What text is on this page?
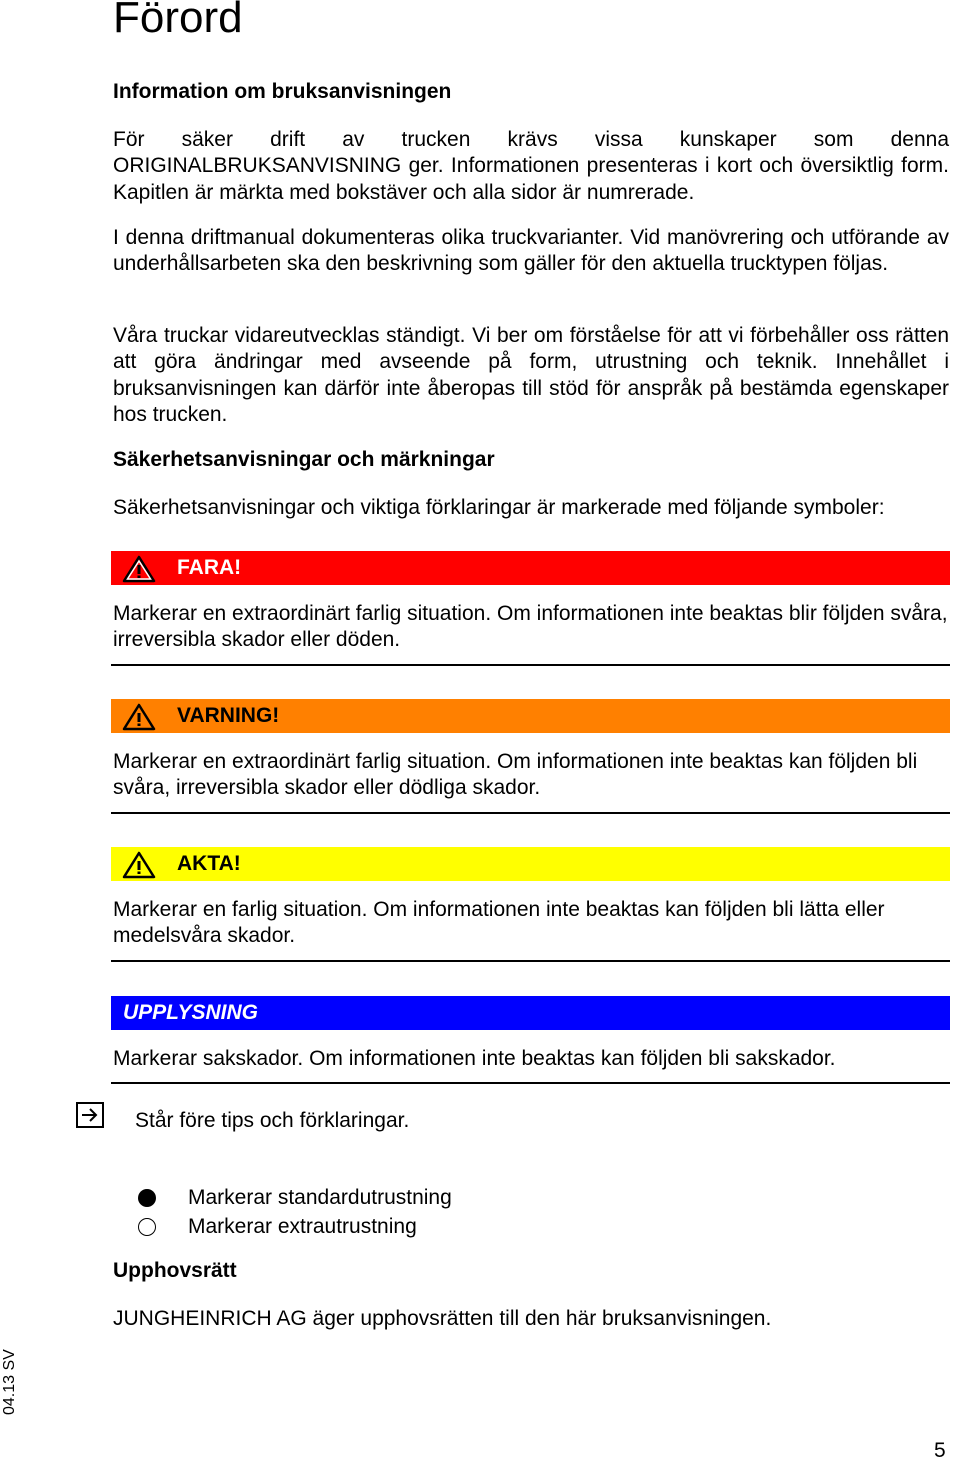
Förord
Information om bruksanvisningen

För säker drift av trucken krävs vissa kunskaper som denna ORIGINALBRUKSANVISNING ger. Informationen presenteras i kort och översiktlig form. Kapitlen är märkta med bokstäver och alla sidor är numrerade.

I denna driftmanual dokumenteras olika truckvarianter. Vid manövrering och utförande av underhållsarbeten ska den beskrivning som gäller för den aktuella trucktypen följas.

Våra truckar vidareutvecklas ständigt. Vi ber om förståelse för att vi förbehåller oss rätten att göra ändringar med avseende på form, utrustning och teknik. Innehållet i bruksanvisningen kan därför inte åberopas till stöd för anspråk på bestämda egenskaper hos trucken.

Säkerhetsanvisningar och märkningar

Säkerhetsanvisningar och viktiga förklaringar är markerade med följande symboler:

FARA!

Markerar en extraordinärt farlig situation. Om informationen inte beaktas blir följden svåra, irreversibla skador eller döden.

VARNING!

Markerar en extraordinärt farlig situation. Om informationen inte beaktas kan följden bli svåra, irreversibla skador eller dödliga skador.

AKTA!

Markerar en farlig situation. Om informationen inte beaktas kan följden bli lätta eller medelsvåra skador.

UPPLYSNING

Markerar sakskador. Om informationen inte beaktas kan följden bli sakskador.

Står före tips och förklaringar.

Markerar standardutrustning

Markerar extrautrustning

Upphovsrätt

JUNGHEINRICH AG äger upphovsrätten till den här bruksanvisningen.

04.13 SV
5
